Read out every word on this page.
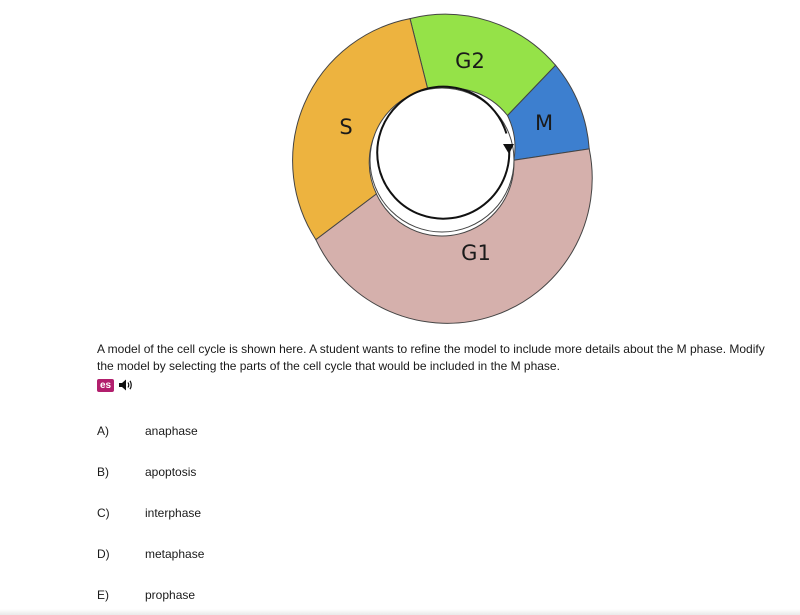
G2
M
G1
S
A model of the cell cycle is shown here. A student wants to refine the model to include more details about the M phase. Modify the model by selecting the parts of the cell cycle that would be included in the M phase.
es
A)	anaphase
B)	apoptosis
C)	interphase
D)	metaphase
E)	prophase
